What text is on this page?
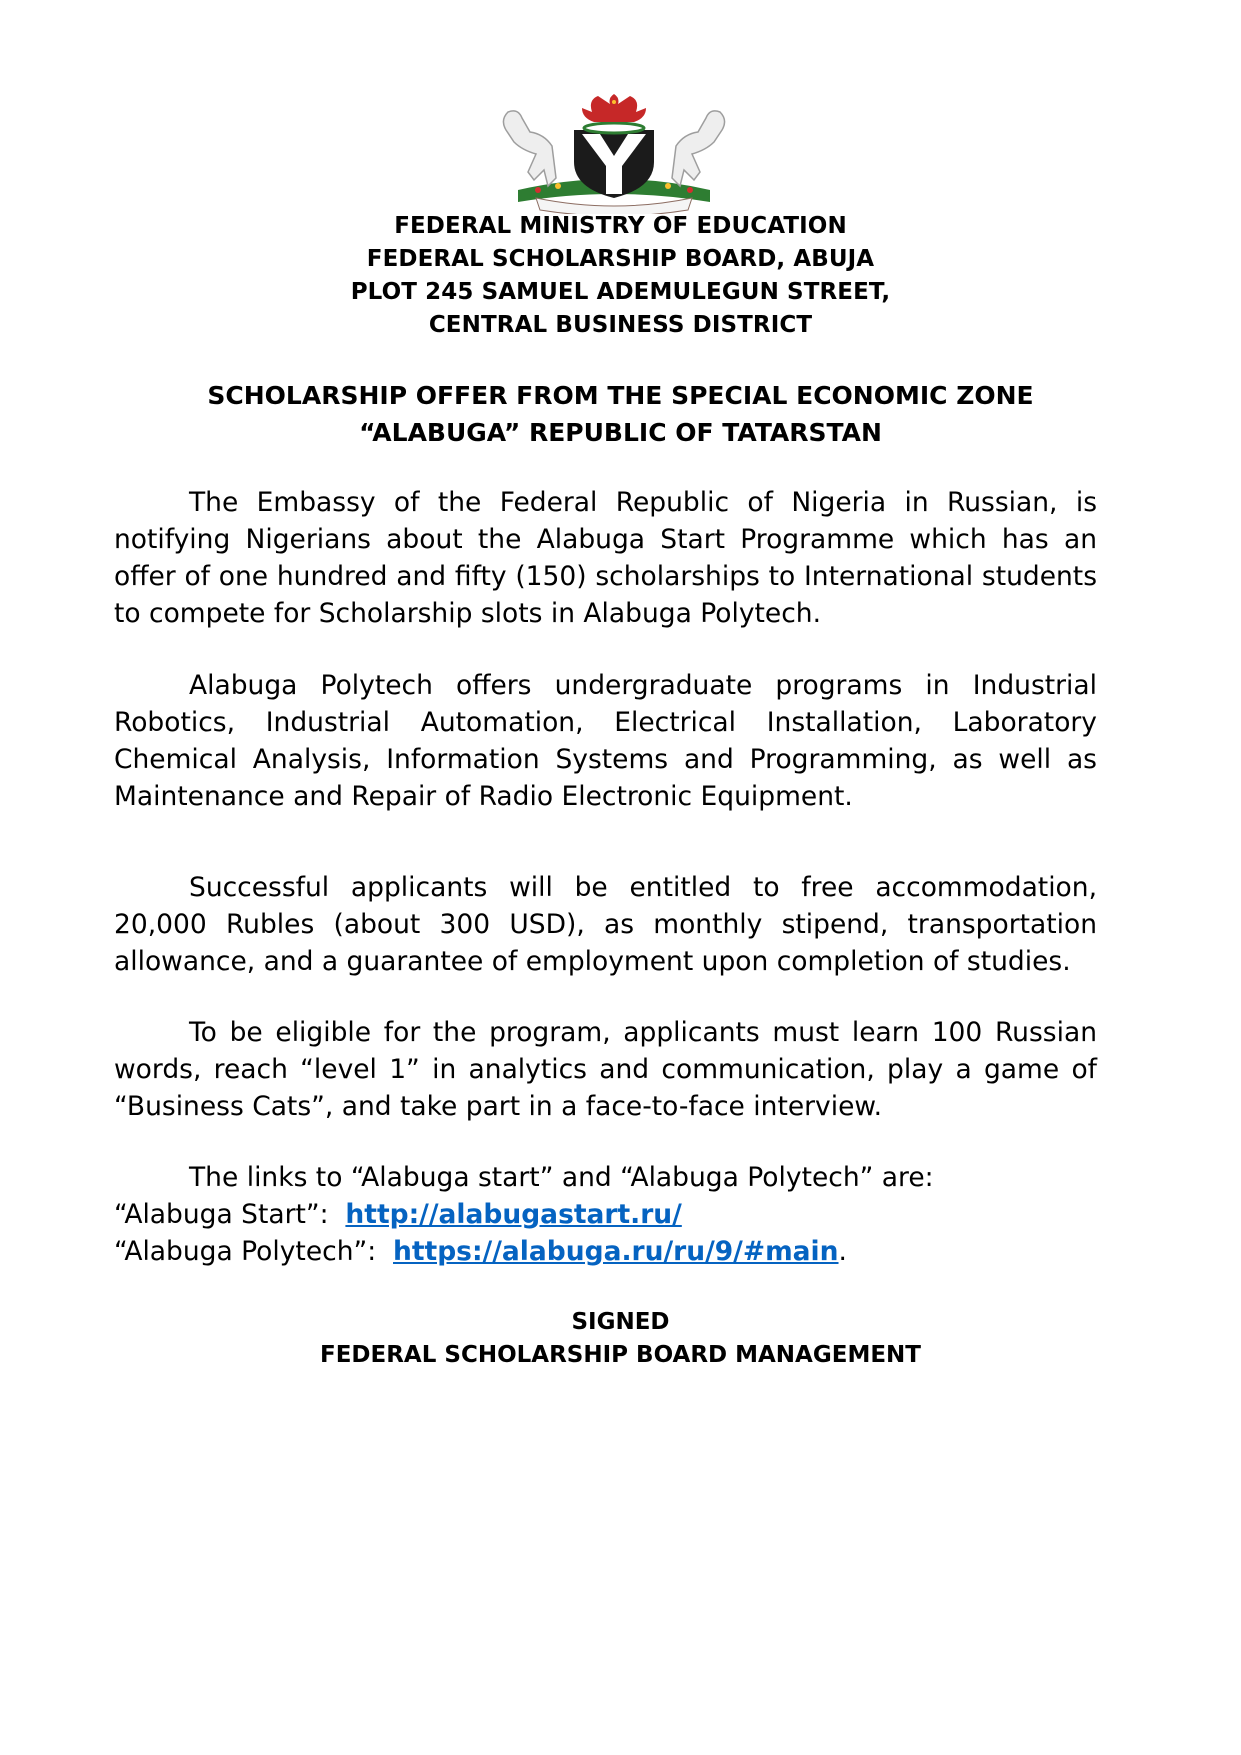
FEDERAL MINISTRY OF EDUCATION
FEDERAL SCHOLARSHIP BOARD, ABUJA
PLOT 245 SAMUEL ADEMULEGUN STREET,
CENTRAL BUSINESS DISTRICT
SCHOLARSHIP OFFER FROM THE SPECIAL ECONOMIC ZONE
“ALABUGA” REPUBLIC OF TATARSTAN

The Embassy of the Federal Republic of Nigeria in Russian, is notifying Nigerians about the Alabuga Start Programme which has an offer of one hundred and fifty (150) scholarships to International students to compete for Scholarship slots in Alabuga Polytech.

Alabuga Polytech offers undergraduate programs in Industrial Robotics, Industrial Automation, Electrical Installation, Laboratory Chemical Analysis, Information Systems and Programming, as well as Maintenance and Repair of Radio Electronic Equipment.

Successful applicants will be entitled to free accommodation, 20,000 Rubles (about 300 USD), as monthly stipend, transportation allowance, and a guarantee of employment upon completion of studies.

To be eligible for the program, applicants must learn 100 Russian words, reach “level 1” in analytics and communication, play a game of “Business Cats”, and take part in a face-to-face interview.

The links to “Alabuga start” and “Alabuga Polytech” are:

“Alabuga Start”: http://alabugastart.ru/

“Alabuga Polytech”: https://alabuga.ru/ru/9/#main.

SIGNED
FEDERAL SCHOLARSHIP BOARD MANAGEMENT
